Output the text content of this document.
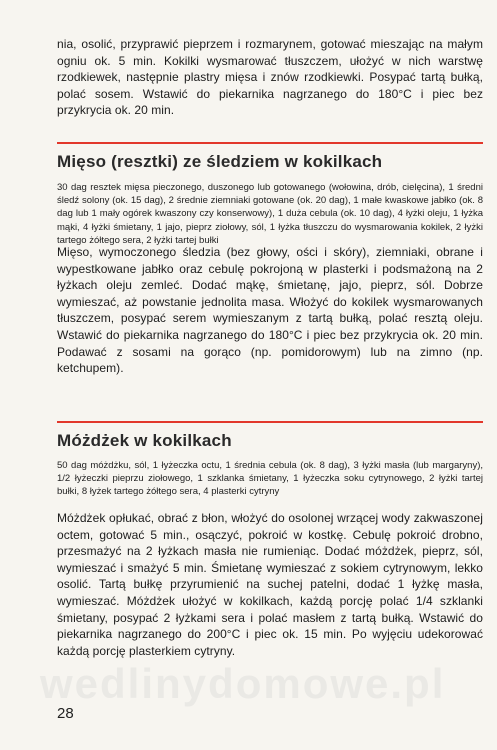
nia, osolić, przyprawić pieprzem i rozmarynem, gotować mieszając na małym ogniu ok. 5 min. Kokilki wysmarować tłuszczem, ułożyć w nich warstwę rzodkiewek, następnie plastry mięsa i znów rzodkiewki. Posypać tartą bułką, polać sosem. Wstawić do piekarnika nagrzanego do 180°C i piec bez przykrycia ok. 20 min.

Mięso (resztki) ze śledziem w kokilkach

30 dag resztek mięsa pieczonego, duszonego lub gotowanego (wołowina, drób, cielęcina), 1 średni śledź solony (ok. 15 dag), 2 średnie ziemniaki gotowane (ok. 20 dag), 1 małe kwaskowe jabłko (ok. 8 dag lub 1 mały ogórek kwaszony czy konserwowy), 1 duża cebula (ok. 10 dag), 4 łyżki oleju, 1 łyżka mąki, 4 łyżki śmietany, 1 jajo, pieprz ziołowy, sól, 1 łyżka tłuszczu do wysmarowania kokilek, 2 łyżki tartego żółtego sera, 2 łyżki tartej bułki

Mięso, wymoczonego śledzia (bez głowy, ości i skóry), ziemniaki, obrane i wypestkowane jabłko oraz cebulę pokrojoną w plasterki i podsmażoną na 2 łyżkach oleju zemleć. Dodać mąkę, śmietanę, jajo, pieprz, sól. Dobrze wymieszać, aż powstanie jednolita masa. Włożyć do kokilek wysmarowanych tłuszczem, posypać serem wymieszanym z tartą bułką, polać resztą oleju. Wstawić do piekarnika nagrzanego do 180°C i piec bez przykrycia ok. 20 min. Podawać z sosami na gorąco (np. pomidorowym) lub na zimno (np. ketchupem).

Móżdżek w kokilkach

50 dag móżdżku, sól, 1 łyżeczka octu, 1 średnia cebula (ok. 8 dag), 3 łyżki masła (lub margaryny), 1/2 łyżeczki pieprzu ziołowego, 1 szklanka śmietany, 1 łyżeczka soku cytrynowego, 2 łyżki tartej bułki, 8 łyżek tartego żółtego sera, 4 plasterki cytryny

Móżdżek opłukać, obrać z błon, włożyć do osolonej wrzącej wody zakwaszonej octem, gotować 5 min., osączyć, pokroić w kostkę. Cebulę pokroić drobno, przesmażyć na 2 łyżkach masła nie rumieniąc. Dodać móżdżek, pieprz, sól, wymieszać i smażyć 5 min. Śmietanę wymieszać z sokiem cytrynowym, lekko osolić. Tartą bułkę przyrumienić na suchej patelni, dodać 1 łyżkę masła, wymieszać. Móżdżek ułożyć w kokilkach, każdą porcję polać 1/4 szklanki śmietany, posypać 2 łyżkami sera i polać masłem z tartą bułką. Wstawić do piekarnika nagrzanego do 200°C i piec ok. 15 min. Po wyjęciu udekorować każdą porcję plasterkiem cytryny.

wedlinydomowe.pl
28
